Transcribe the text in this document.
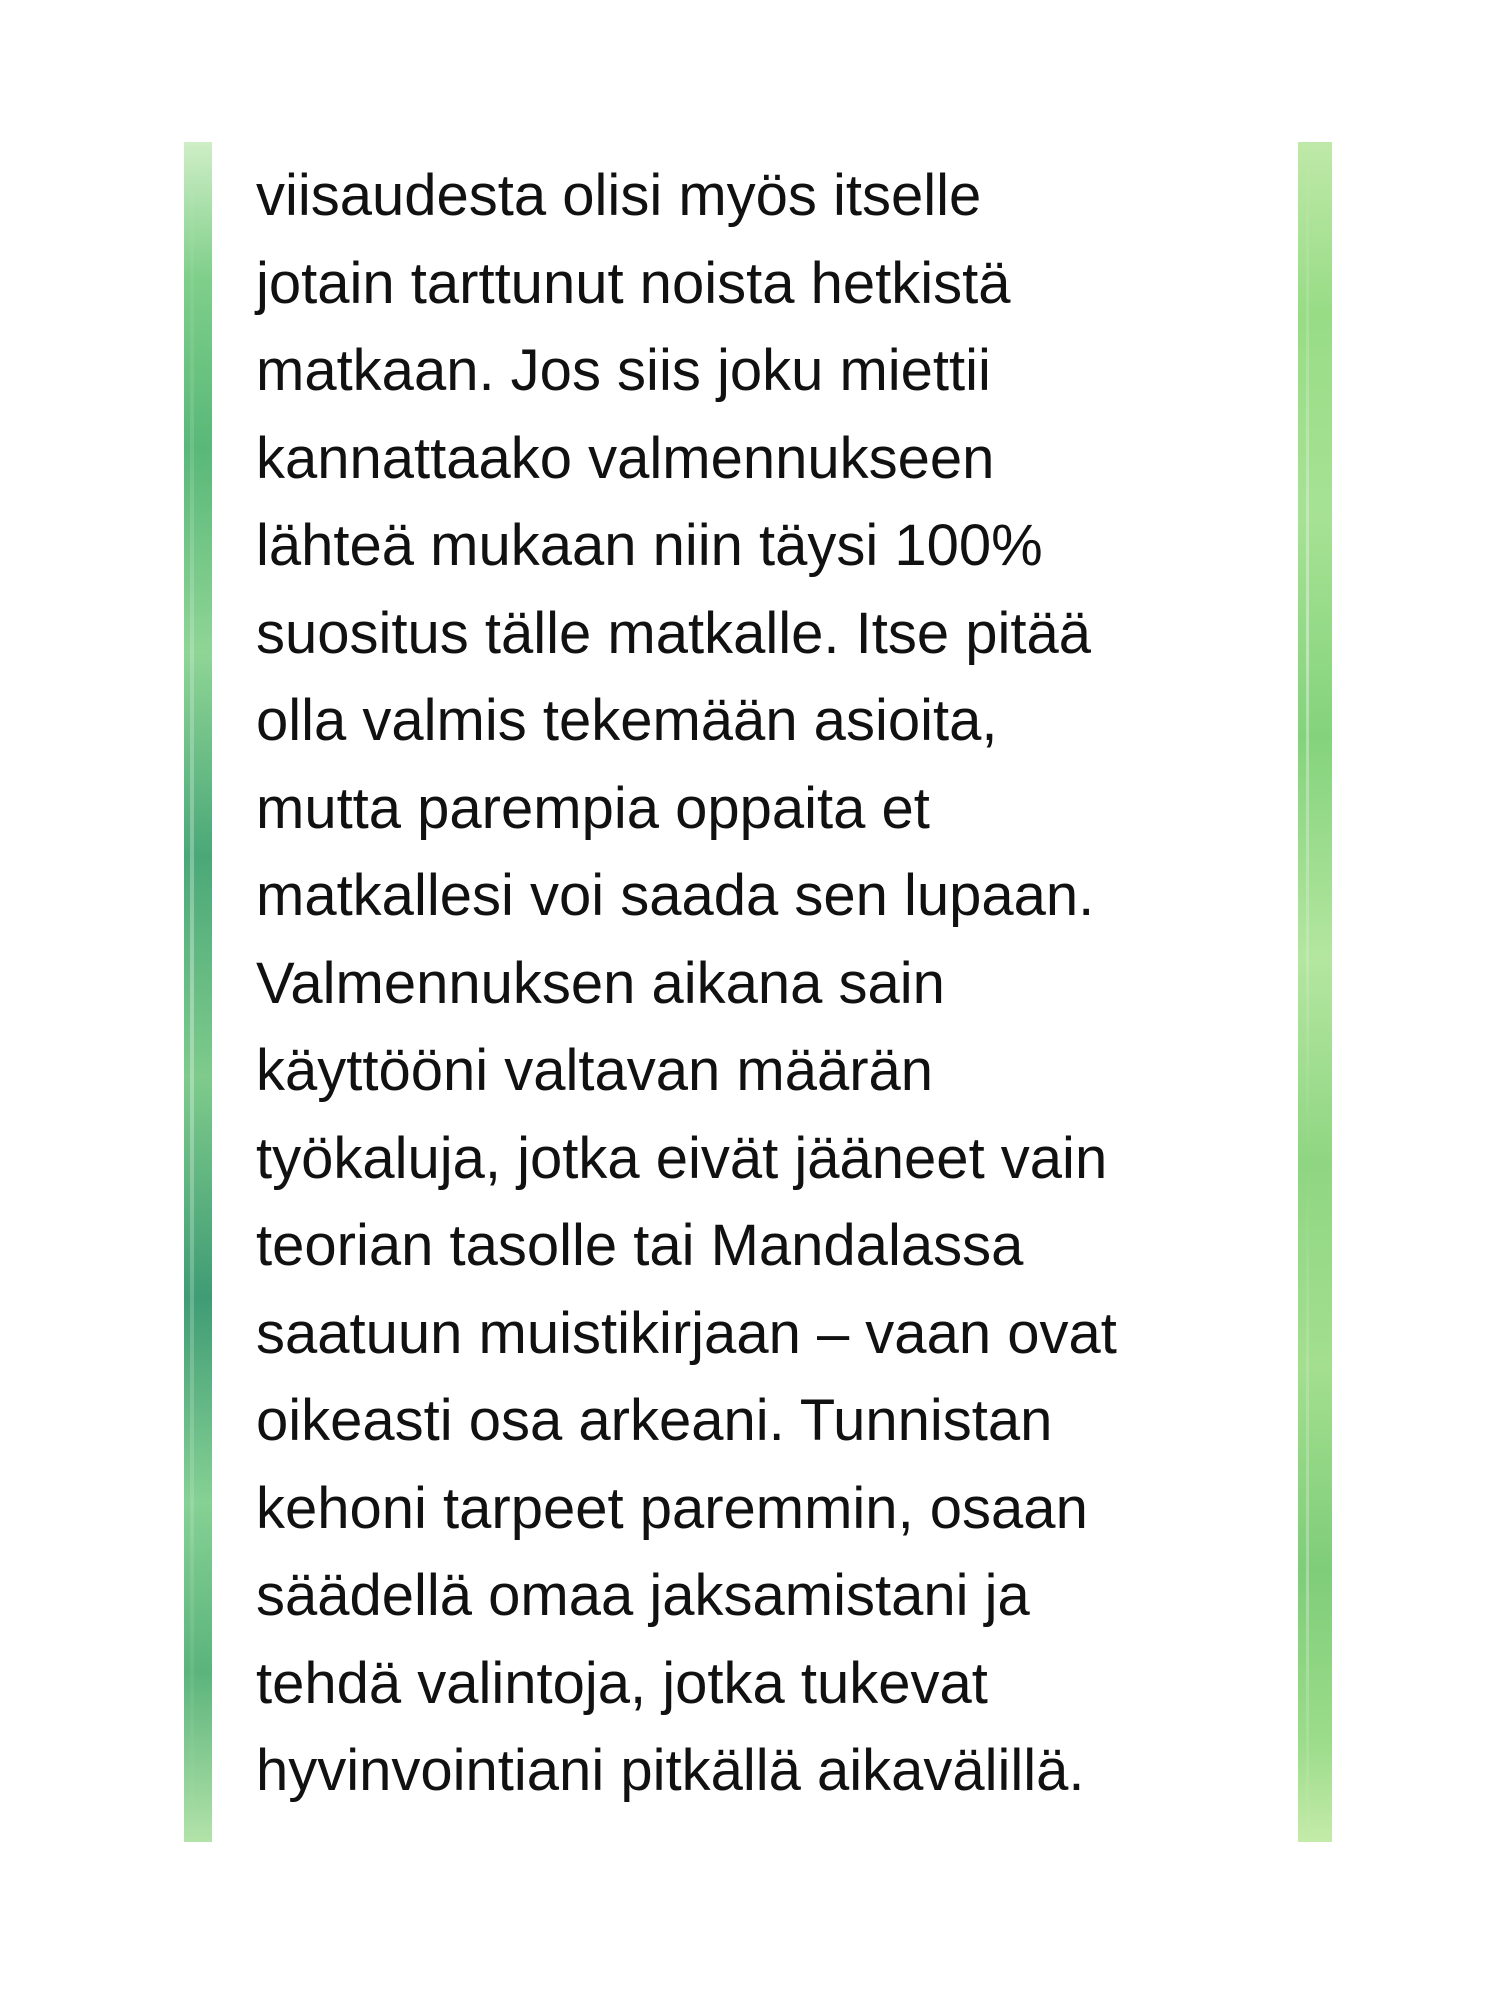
viisaudesta olisi myös itselle
jotain tarttunut noista hetkistä
matkaan. Jos siis joku miettii
kannattaako valmennukseen
lähteä mukaan niin täysi 100%
suositus tälle matkalle. Itse pitää
olla valmis tekemään asioita,
mutta parempia oppaita et
matkallesi voi saada sen lupaan.
Valmennuksen aikana sain
käyttööni valtavan määrän
työkaluja, jotka eivät jääneet vain
teorian tasolle tai Mandalassa
saatuun muistikirjaan – vaan ovat
oikeasti osa arkeani. Tunnistan
kehoni tarpeet paremmin, osaan
säädellä omaa jaksamistani ja
tehdä valintoja, jotka tukevat
hyvinvointiani pitkällä aikavälillä.
